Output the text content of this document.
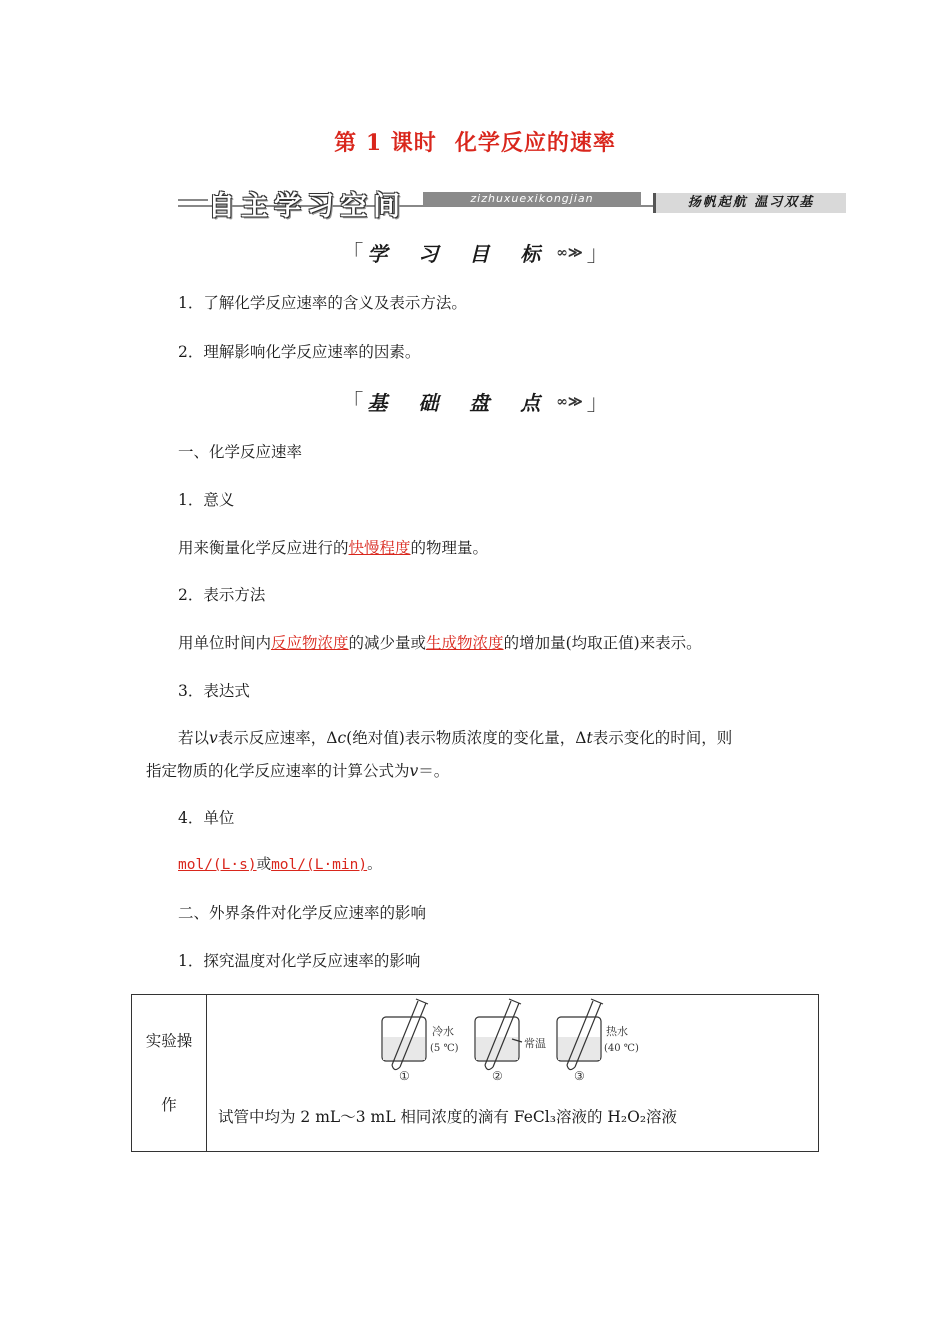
第 1 课时 化学反应的速率
自主学习空间	zizhuxuexikongjian	扬帆起航 温习双基
「 学 习 目 标 ∞≫ 」
1．了解化学反应速率的含义及表示方法。
2．理解影响化学反应速率的因素。
「 基 础 盘 点 ∞≫ 」
一、化学反应速率
1．意义
用来衡量化学反应进行的快慢程度的物理量。
2．表示方法
用单位时间内反应物浓度的减少量或生成物浓度的增加量(均取正值)来表示。
3．表达式
若以v表示反应速率，Δc(绝对值)表示物质浓度的变化量，Δt表示变化的时间，则
指定物质的化学反应速率的计算公式为v＝。
4．单位
mol/(L·s)或mol/(L·min)。
二、外界条件对化学反应速率的影响
1．探究温度对化学反应速率的影响
实验操

作
冷水
(5 ℃)
①
常温
②
热水
(40 ℃)
③
试管中均为 2 mL～3 mL 相同浓度的滴有 FeCl₃溶液的 H₂O₂溶液
